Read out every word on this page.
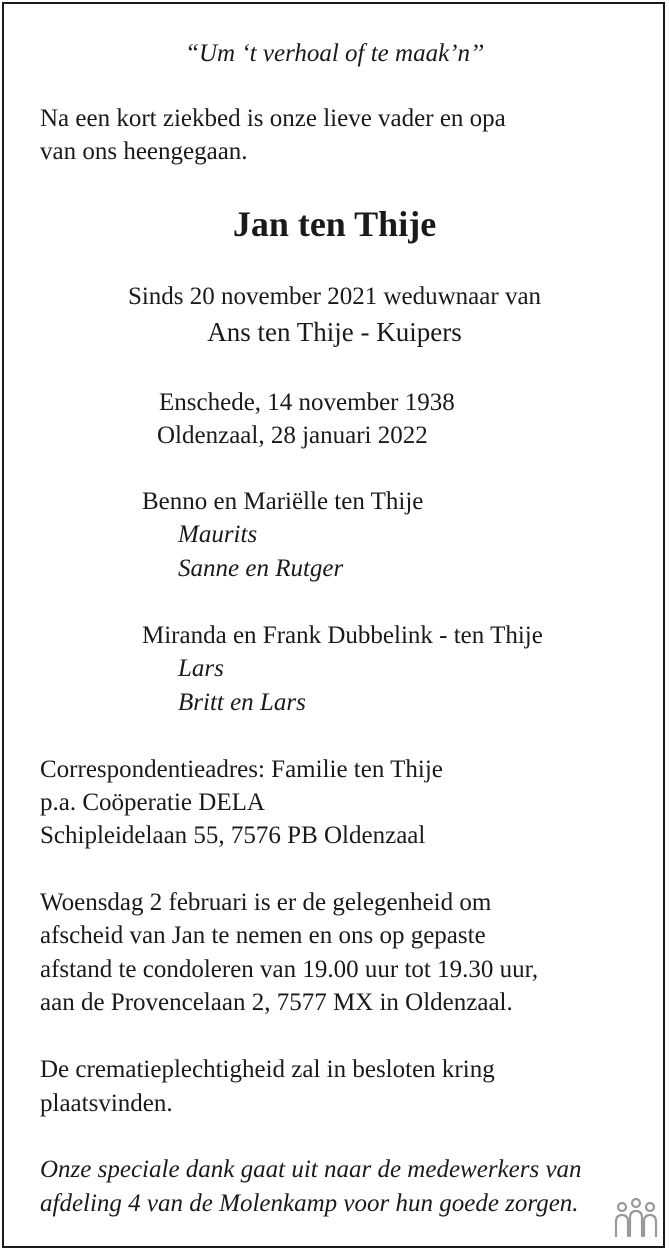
“Um ‘t verhoal of te maak’n’’

Na een kort ziekbed is onze lieve vader en opa

van ons heengegaan.

Jan ten Thije

Sinds 20 november 2021 weduwnaar van

Ans ten Thije - Kuipers

Enschede, 14 november 1938

Oldenzaal, 28 januari 2022

Benno en Mariëlle ten Thije

Maurits

Sanne en Rutger

Miranda en Frank Dubbelink - ten Thije

Lars

Britt en Lars

Correspondentieadres: Familie ten Thije

p.a. Coöperatie DELA

Schipleidelaan 55, 7576 PB Oldenzaal

Woensdag 2 februari is er de gelegenheid om

afscheid van Jan te nemen en ons op gepaste

afstand te condoleren van 19.00 uur tot 19.30 uur,

aan de Provencelaan 2, 7577 MX in Oldenzaal.

De crematieplechtigheid zal in besloten kring

plaatsvinden.

Onze speciale dank gaat uit naar de medewerkers van

afdeling 4 van de Molenkamp voor hun goede zorgen.
